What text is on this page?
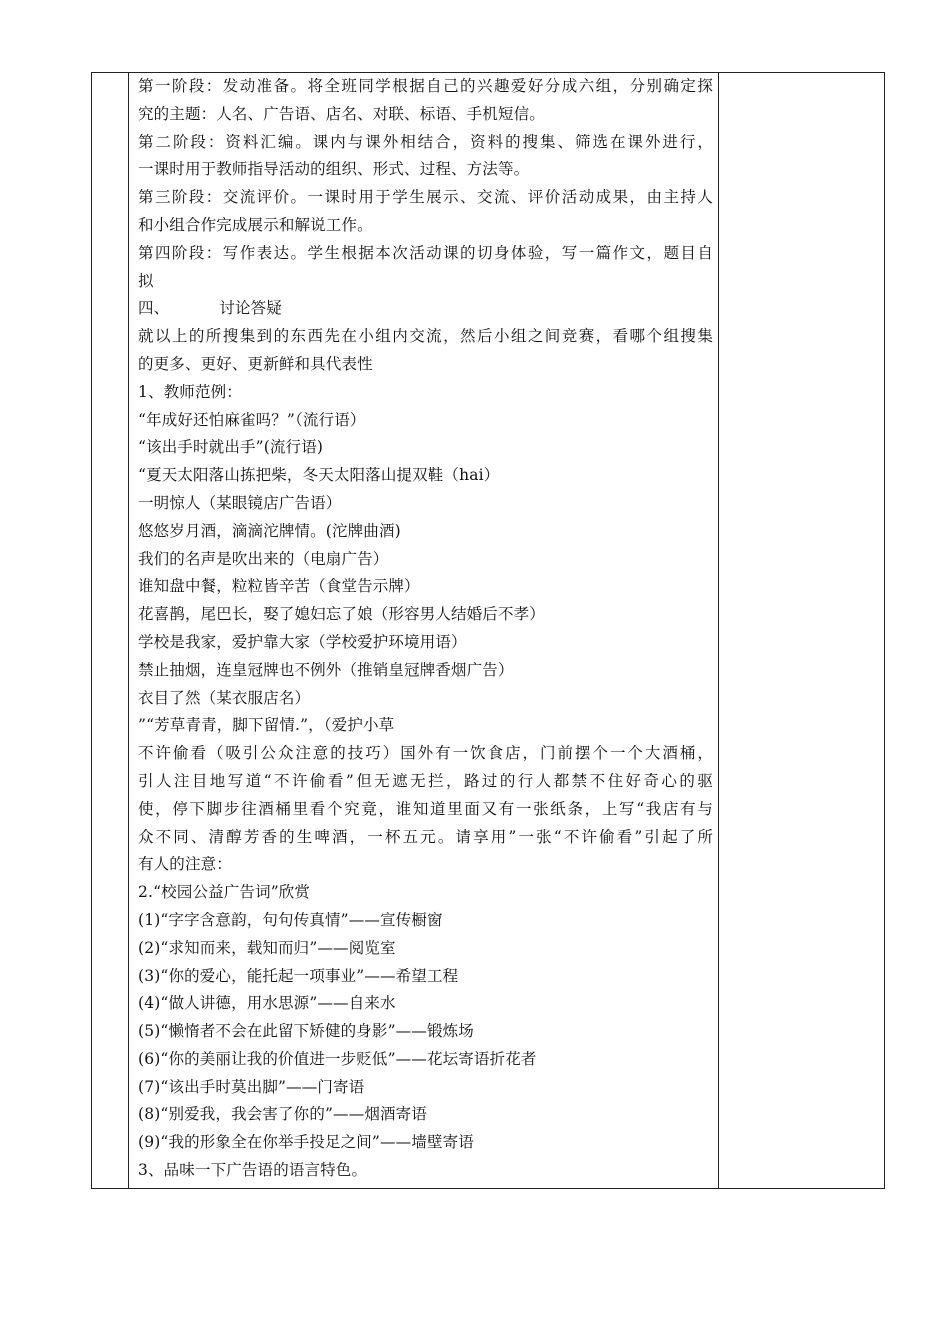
第一阶段：发动准备。将全班同学根据自己的兴趣爱好分成六组，分别确定探
究的主题：人名、广告语、店名、对联、标语、手机短信。
第二阶段：资料汇编。课内与课外相结合，资料的搜集、筛选在课外进行，
一课时用于教师指导活动的组织、形式、过程、方法等。
第三阶段：交流评价。一课时用于学生展示、交流、评价活动成果，由主持人
和小组合作完成展示和解说工作。
第四阶段：写作表达。学生根据本次活动课的切身体验，写一篇作文，题目自
拟
四、	讨论答疑
就以上的所搜集到的东西先在小组内交流，然后小组之间竞赛，看哪个组搜集
的更多、更好、更新鲜和具代表性
1、教师范例：
“年成好还怕麻雀吗？”（流行语）
“该出手时就出手”(流行语)
“夏天太阳落山拣把柴，冬天太阳落山提双鞋（hai）
一明惊人（某眼镜店广告语）
悠悠岁月酒，滴滴沱牌情。(沱牌曲酒)
我们的名声是吹出来的（电扇广告）
谁知盘中餐，粒粒皆辛苦（食堂告示牌）
花喜鹊，尾巴长，娶了媳妇忘了娘（形容男人结婚后不孝）
学校是我家，爱护靠大家（学校爱护环境用语）
禁止抽烟，连皇冠牌也不例外（推销皇冠牌香烟广告）
衣目了然（某衣服店名）
”“芳草青青，脚下留情.”，（爱护小草
不许偷看（吸引公众注意的技巧）国外有一饮食店，门前摆个一个大酒桶，
引人注目地写道“不许偷看”但无遮无拦，路过的行人都禁不住好奇心的驱
使，停下脚步往酒桶里看个究竟，谁知道里面又有一张纸条，上写“我店有与
众不同、清醇芳香的生啤酒，一杯五元。请享用”一张“不许偷看”引起了所
有人的注意：
2.“校园公益广告词”欣赏
(1)“字字含意韵，句句传真情”——宣传橱窗
(2)“求知而来，载知而归”——阅览室
(3)“你的爱心，能托起一项事业”——希望工程
(4)“做人讲德，用水思源”——自来水
(5)“懒惰者不会在此留下矫健的身影”——锻炼场
(6)“你的美丽让我的价值进一步贬低”——花坛寄语折花者
(7)“该出手时莫出脚”——门寄语
(8)“别爱我，我会害了你的”——烟酒寄语
(9)“我的形象全在你举手投足之间”——墙壁寄语
3、品味一下广告语的语言特色。
